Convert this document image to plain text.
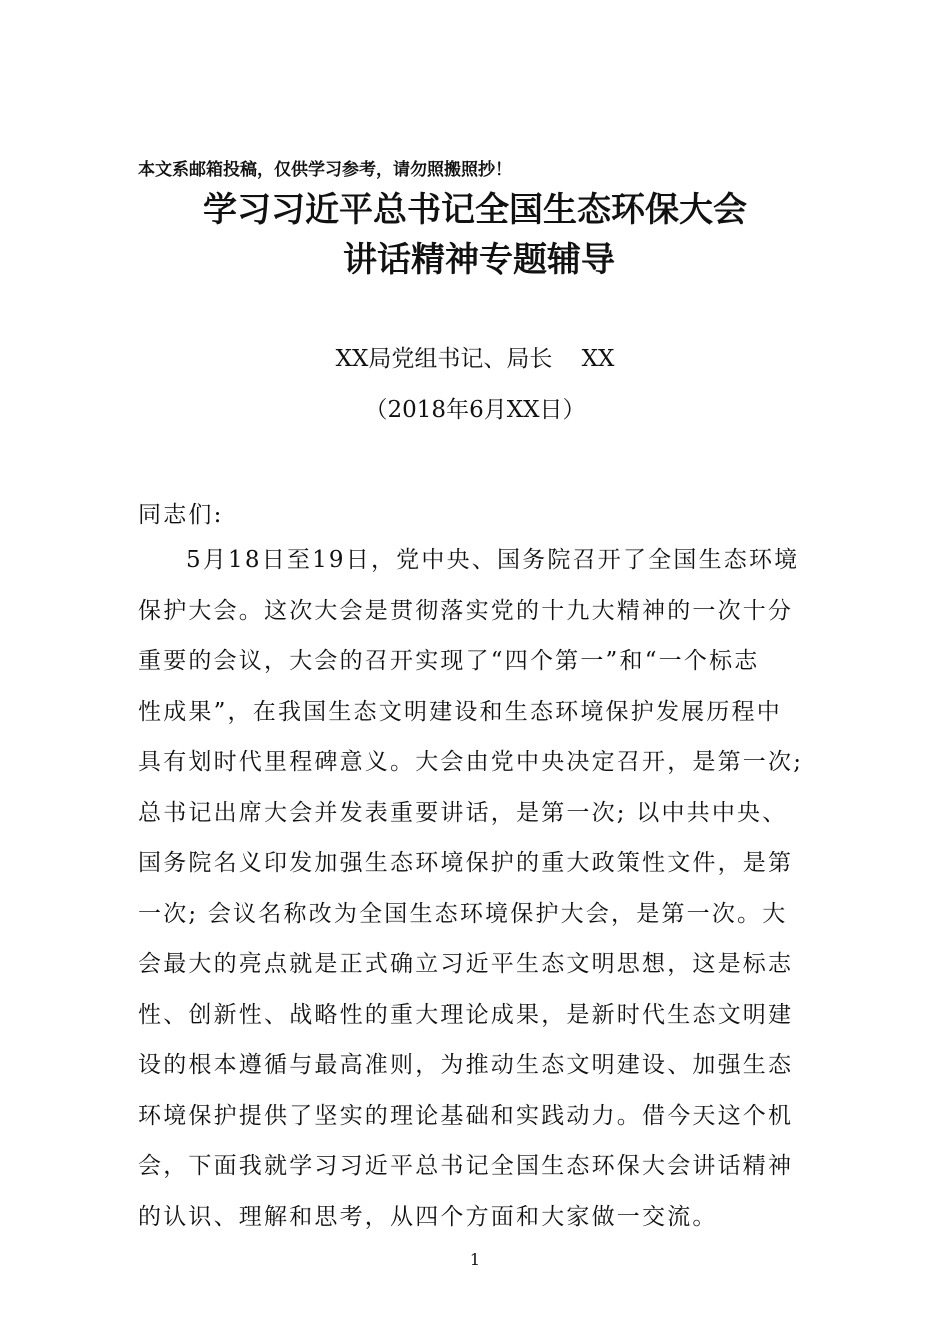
本文系邮箱投稿，仅供学习参考，请勿照搬照抄！
学习习近平总书记全国生态环保大会
讲话精神专题辅导
XX局党组书记、局长    XX
（2018年6月XX日）
同志们:
5月18日至19日，党中央、国务院召开了全国生态环境
保护大会。这次大会是贯彻落实党的十九大精神的一次十分
重要的会议，大会的召开实现了“四个第一”和“一个标志
性成果”，在我国生态文明建设和生态环境保护发展历程中
具有划时代里程碑意义。大会由党中央决定召开，是第一次;
总书记出席大会并发表重要讲话，是第一次; 以中共中央、
国务院名义印发加强生态环境保护的重大政策性文件，是第
一次; 会议名称改为全国生态环境保护大会，是第一次。大
会最大的亮点就是正式确立习近平生态文明思想，这是标志
性、创新性、战略性的重大理论成果，是新时代生态文明建
设的根本遵循与最高准则，为推动生态文明建设、加强生态
环境保护提供了坚实的理论基础和实践动力。借今天这个机
会，下面我就学习习近平总书记全国生态环保大会讲话精神
的认识、理解和思考，从四个方面和大家做一交流。
1
